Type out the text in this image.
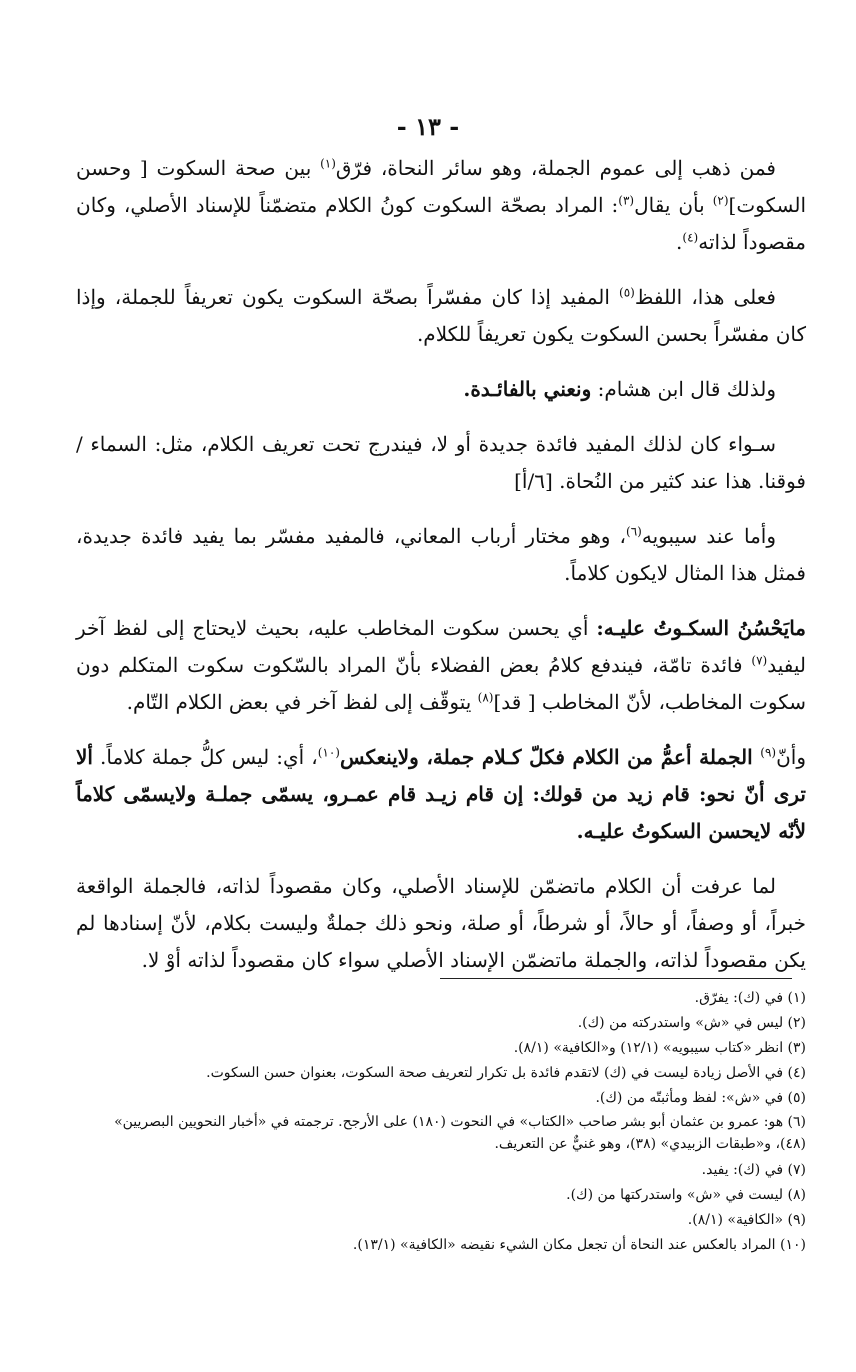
- ١٣ -

فمن ذهب إلى عموم الجملة، وهو سائر النحاة، فرّق$^{(١)}$ بين صحة السكوت [ وحسن السكوت]$^{(٢)}$ بأن يقال$^{(٣)}$: المراد بصحّة السكوت كونُ الكلام متضمّناً للإسناد الأصلي، وكان مقصوداً لذاته$^{(٤)}$.

فعلى هذا، اللفظ$^{(٥)}$ المفيد إذا كان مفسّراً بصحّة السكوت يكون تعريفاً للجملة، وإذا كان مفسّراً بحسن السكوت يكون تعريفاً للكلام.

ولذلك قال ابن هشام: ونعني بالفائـدة.

سـواء كان لذلك المفيد فائدة جديدة أو لا، فيندرج تحت تعريف الكلام، مثل: السماء / فوقنا. هذا عند كثير من النُحاة. [٦/أ]

وأما عند سيبويه$^{(٦)}$، وهو مختار أرباب المعاني، فالمفيد مفسّر بما يفيد فائدة جديدة، فمثل هذا المثال لايكون كلاماً.

مايَحْسُنُ السكـوتُ عليـه: أي يحسن سكوت المخاطب عليه، بحيث لايحتاج إلى لفظ آخر ليفيد$^{(٧)}$ فائدة تامّة، فيندفع كلامُ بعض الفضلاء بأنّ المراد بالسّكوت سكوت المتكلم دون سكوت المخاطب، لأنّ المخاطب [ قد]$^{(٨)}$ يتوقّف إلى لفظ آخر في بعض الكلام التّام.

وأنّ$^{(٩)}$ الجملة أعمُّ من الكلام فكلّ كـلام جملة، ولاينعكس$^{(١٠)}$، أي: ليس كلُّ جملة كلاماً. ألا ترى أنّ نحو: قام زيد من قولك: إن قام زيـد قام عمـرو، يسمّى جملـة ولايسمّى كلاماً لأنّه لايحسن السكوتُ عليـه.

لما عرفت أن الكلام ماتضمّن للإسناد الأصلي، وكان مقصوداً لذاته، فالجملة الواقعة خبراً، أو وصفاً، أو حالاً، أو شرطاً، أو صلة، ونحو ذلك جملةٌ وليست بكلام، لأنّ إسنادها لم يكن مقصوداً لذاته، والجملة ماتضمّن الإسناد الأصلي سواء كان مقصوداً لذاته أوْ لا.

(١) في (ك): يفرّق.

(٢) ليس في «ش» واستدركته من (ك).

(٣) انظر «كتاب سيبويه» (١٢/١) و«الكافية» (٨/١).

(٤) في الأصل زيادة ليست في (ك) لاتقدم فائدة بل تكرار لتعريف صحة السكوت، بعنوان حسن السكوت.

(٥) في «ش»: لفظ ومأثبتّه من (ك).

(٦) هو: عمرو بن عثمان أبو بشر صاحب «الكتاب» في النحوت (١٨٠) على الأرجح. ترجمته في «أخبار النحويين البصريين» (٤٨)، و«طبقات الزبيدي» (٣٨)، وهو غنيٌّ عن التعريف.

(٧) في (ك): يفيد.

(٨) ليست في «ش» واستدركتها من (ك).

(٩) «الكافية» (٨/١).

(١٠) المراد بالعكس عند النحاة أن تجعل مكان الشيء نقيضه «الكافية» (١٣/١).
